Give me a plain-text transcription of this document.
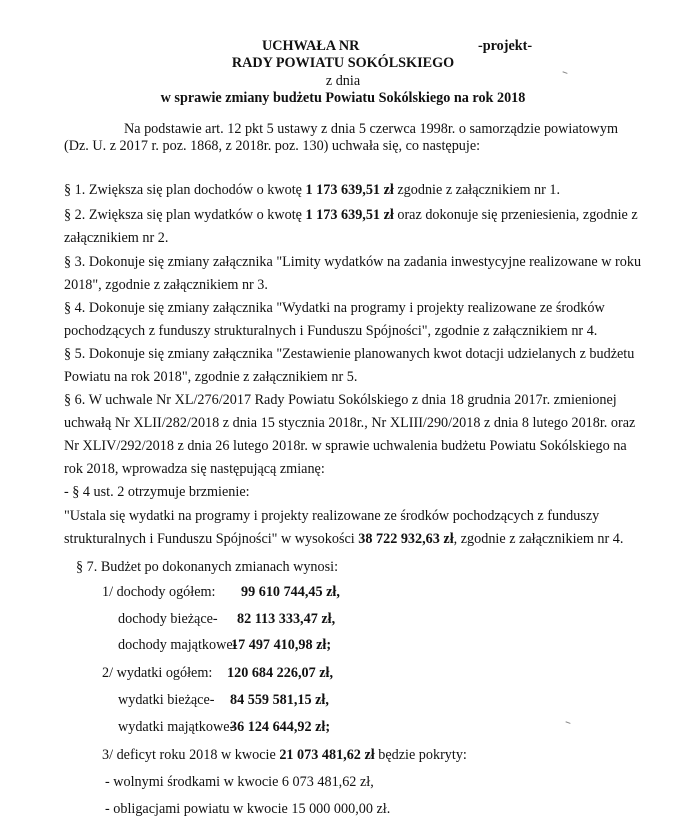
UCHWAŁA NR	-projekt-
RADY POWIATU SOKÓLSKIEGO
z dnia
w sprawie zmiany budżetu Powiatu Sokólskiego na rok 2018
Na podstawie art. 12 pkt 5 ustawy z dnia 5 czerwca 1998r. o samorządzie powiatowym
(Dz. U. z 2017 r. poz. 1868, z 2018r. poz. 130) uchwała się, co następuje:
§ 1. Zwiększa się plan dochodów o kwotę 1 173 639,51 zł zgodnie z załącznikiem nr 1.
§ 2. Zwiększa się plan wydatków o kwotę 1 173 639,51 zł oraz dokonuje się przeniesienia, zgodnie z
załącznikiem nr 2.
§ 3. Dokonuje się zmiany załącznika "Limity wydatków na zadania inwestycyjne realizowane w roku
2018", zgodnie z załącznikiem nr 3.
§ 4. Dokonuje się zmiany załącznika "Wydatki na programy i projekty realizowane ze środków
pochodzących z funduszy strukturalnych i Funduszu Spójności", zgodnie z załącznikiem nr 4.
§ 5. Dokonuje się zmiany załącznika "Zestawienie planowanych kwot dotacji udzielanych z budżetu
Powiatu na rok 2018", zgodnie z załącznikiem nr 5.
§ 6. W uchwale Nr XL/276/2017 Rady Powiatu Sokólskiego z dnia 18 grudnia 2017r. zmienionej
uchwałą Nr XLII/282/2018 z dnia 15 stycznia 2018r., Nr XLIII/290/2018 z dnia 8 lutego 2018r. oraz
Nr XLIV/292/2018 z dnia 26 lutego 2018r. w sprawie uchwalenia budżetu Powiatu Sokólskiego na
rok 2018, wprowadza się następującą zmianę:
- § 4 ust. 2 otrzymuje brzmienie:
"Ustala się wydatki na programy i projekty realizowane ze środków pochodzących z funduszy
strukturalnych i Funduszu Spójności" w wysokości 38 722 932,63 zł, zgodnie z załącznikiem nr 4.
§ 7. Budżet po dokonanych zmianach wynosi:
1/ dochody ogółem: 99 610 744,45 zł,
dochody bieżące- 82 113 333,47 zł,
dochody majątkowe-
17 497 410,98 zł;
2/ wydatki ogółem: 120 684 226,07 zł,
wydatki bieżące- 84 559 581,15 zł,
wydatki majątkowe-
36 124 644,92 zł;
3/ deficyt roku 2018 w kwocie 21 073 481,62 zł będzie pokryty:
- wolnymi środkami w kwocie 6 073 481,62 zł,
- obligacjami powiatu w kwocie 15 000 000,00 zł.
